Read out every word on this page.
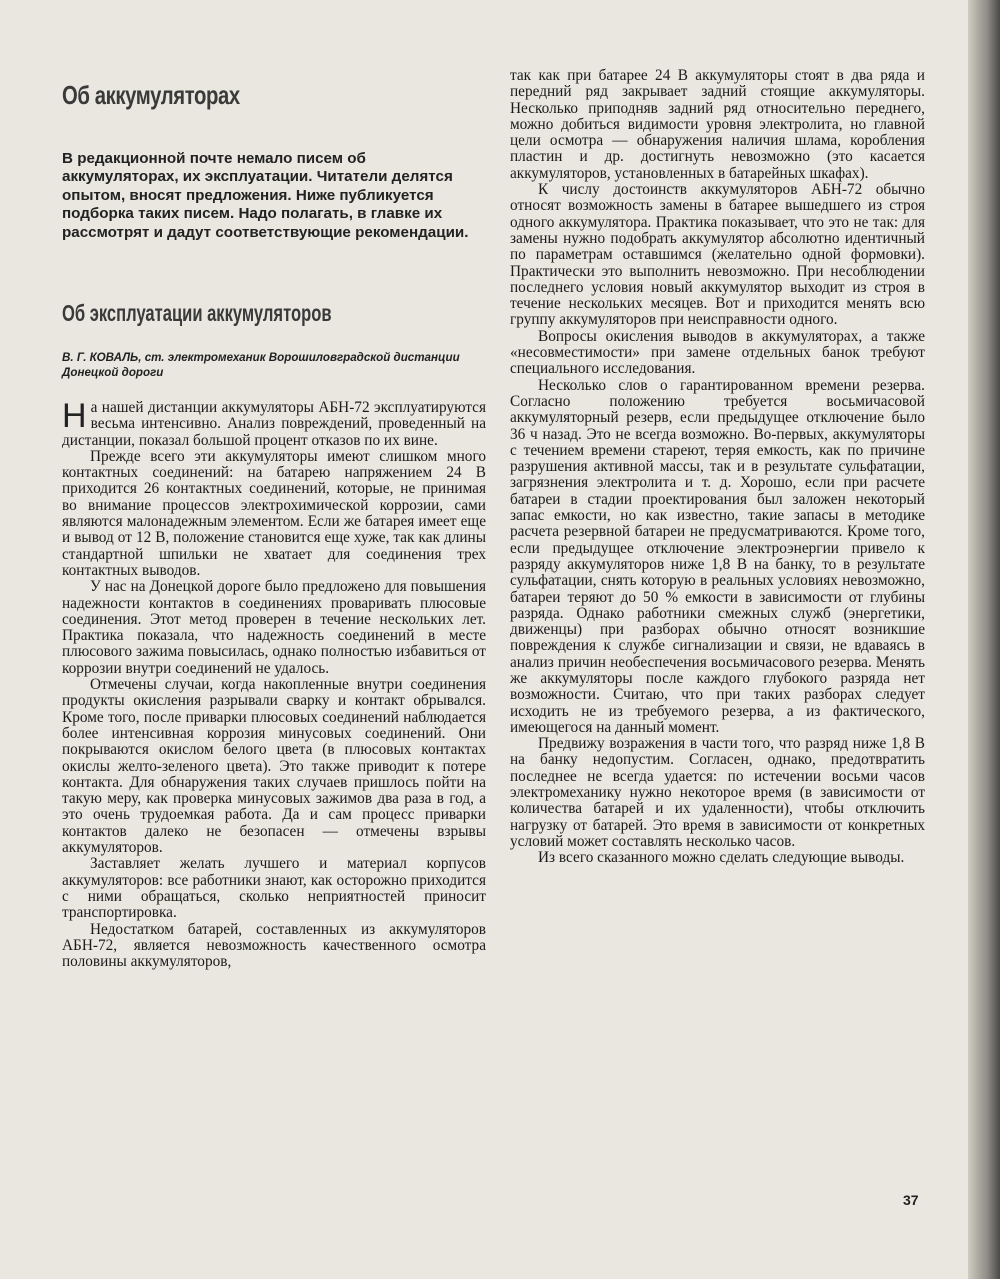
Об аккумуляторах

В редакционной почте немало писем об аккумуляторах, их эксплуатации. Читатели делятся опытом, вносят предложения. Ниже публикуется подборка таких писем. Надо полагать, в главке их рассмотрят и дадут соответствующие рекомендации.

Об эксплуатации аккумуляторов

В. Г. КОВАЛЬ, ст. электромеханик Ворошиловградской дистанции Донецкой дороги

На нашей дистанции аккумуляторы АБН-72 эксплуатируются весьма интенсивно. Анализ повреждений, проведенный на дистанции, показал большой процент отказов по их вине.

Прежде всего эти аккумуляторы имеют слишком много контактных соединений: на батарею напряжением 24 В приходится 26 контактных соединений, которые, не принимая во внимание процессов электрохимической коррозии, сами являются малонадежным элементом. Если же батарея имеет еще и вывод от 12 В, положение становится еще хуже, так как длины стандартной шпильки не хватает для соединения трех контактных выводов.

У нас на Донецкой дороге было предложено для повышения надежности контактов в соединениях проваривать плюсовые соединения. Этот метод проверен в течение нескольких лет. Практика показала, что надежность соединений в месте плюсового зажима повысилась, однако полностью избавиться от коррозии внутри соединений не удалось.

Отмечены случаи, когда накопленные внутри соединения продукты окисления разрывали сварку и контакт обрывался. Кроме того, после приварки плюсовых соединений наблюдается более интенсивная коррозия минусовых соединений. Они покрываются окислом белого цвета (в плюсовых контактах окислы желто-зеленого цвета). Это также приводит к потере контакта. Для обнаружения таких случаев пришлось пойти на такую меру, как проверка минусовых зажимов два раза в год, а это очень трудоемкая работа. Да и сам процесс приварки контактов далеко не безопасен — отмечены взрывы аккумуляторов.

Заставляет желать лучшего и материал корпусов аккумуляторов: все работники знают, как осторожно приходится с ними обращаться, сколько неприятностей приносит транспортировка.

Недостатком батарей, составленных из аккумуляторов АБН-72, является невозможность качественного осмотра половины аккумуляторов,

так как при батарее 24 В аккумуляторы стоят в два ряда и передний ряд закрывает задний стоящие аккумуляторы. Несколько приподняв задний ряд относительно переднего, можно добиться видимости уровня электролита, но главной цели осмотра — обнаружения наличия шлама, коробления пластин и др. достигнуть невозможно (это касается аккумуляторов, установленных в батарейных шкафах).

К числу достоинств аккумуляторов АБН-72 обычно относят возможность замены в батарее вышедшего из строя одного аккумулятора. Практика показывает, что это не так: для замены нужно подобрать аккумулятор абсолютно идентичный по параметрам оставшимся (желательно одной формовки). Практически это выполнить невозможно. При несоблюдении последнего условия новый аккумулятор выходит из строя в течение нескольких месяцев. Вот и приходится менять всю группу аккумуляторов при неисправности одного.

Вопросы окисления выводов в аккумуляторах, а также «несовместимости» при замене отдельных банок требуют специального исследования.

Несколько слов о гарантированном времени резерва. Согласно положению требуется восьмичасовой аккумуляторный резерв, если предыдущее отключение было 36 ч назад. Это не всегда возможно. Во-первых, аккумуляторы с течением времени стареют, теряя емкость, как по причине разрушения активной массы, так и в результате сульфатации, загрязнения электролита и т. д. Хорошо, если при расчете батареи в стадии проектирования был заложен некоторый запас емкости, но как известно, такие запасы в методике расчета резервной батареи не предусматриваются. Кроме того, если предыдущее отключение электроэнергии привело к разряду аккумуляторов ниже 1,8 В на банку, то в результате сульфатации, снять которую в реальных условиях невозможно, батареи теряют до 50 % емкости в зависимости от глубины разряда. Однако работники смежных служб (энергетики, движенцы) при разборах обычно относят возникшие повреждения к службе сигнализации и связи, не вдаваясь в анализ причин необеспечения восьмичасового резерва. Менять же аккумуляторы после каждого глубокого разряда нет возможности. Считаю, что при таких разборах следует исходить не из требуемого резерва, а из фактического, имеющегося на данный момент.

Предвижу возражения в части того, что разряд ниже 1,8 В на банку недопустим. Согласен, однако, предотвратить последнее не всегда удается: по истечении восьми часов электромеханику нужно некоторое время (в зависимости от количества батарей и их удаленности), чтобы отключить нагрузку от батарей. Это время в зависимости от конкретных условий может составлять несколько часов.

Из всего сказанного можно сделать следующие выводы.

37
